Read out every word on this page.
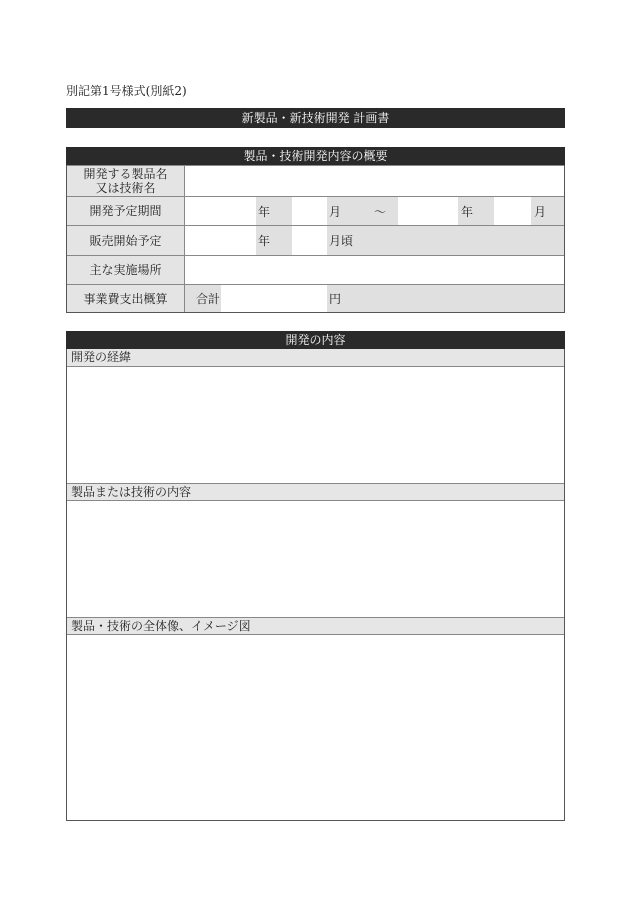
別記第1号様式(別紙2)
新製品・新技術開発 計画書
製品・技術開発内容の概要
開発する製品名
又は技術名
開発予定期間	年	月	〜	年	月
販売開始予定	年	月頃
主な実施場所
事業費支出概算	合計	円
開発の内容
開発の経緯
製品または技術の内容
製品・技術の全体像、イメージ図
